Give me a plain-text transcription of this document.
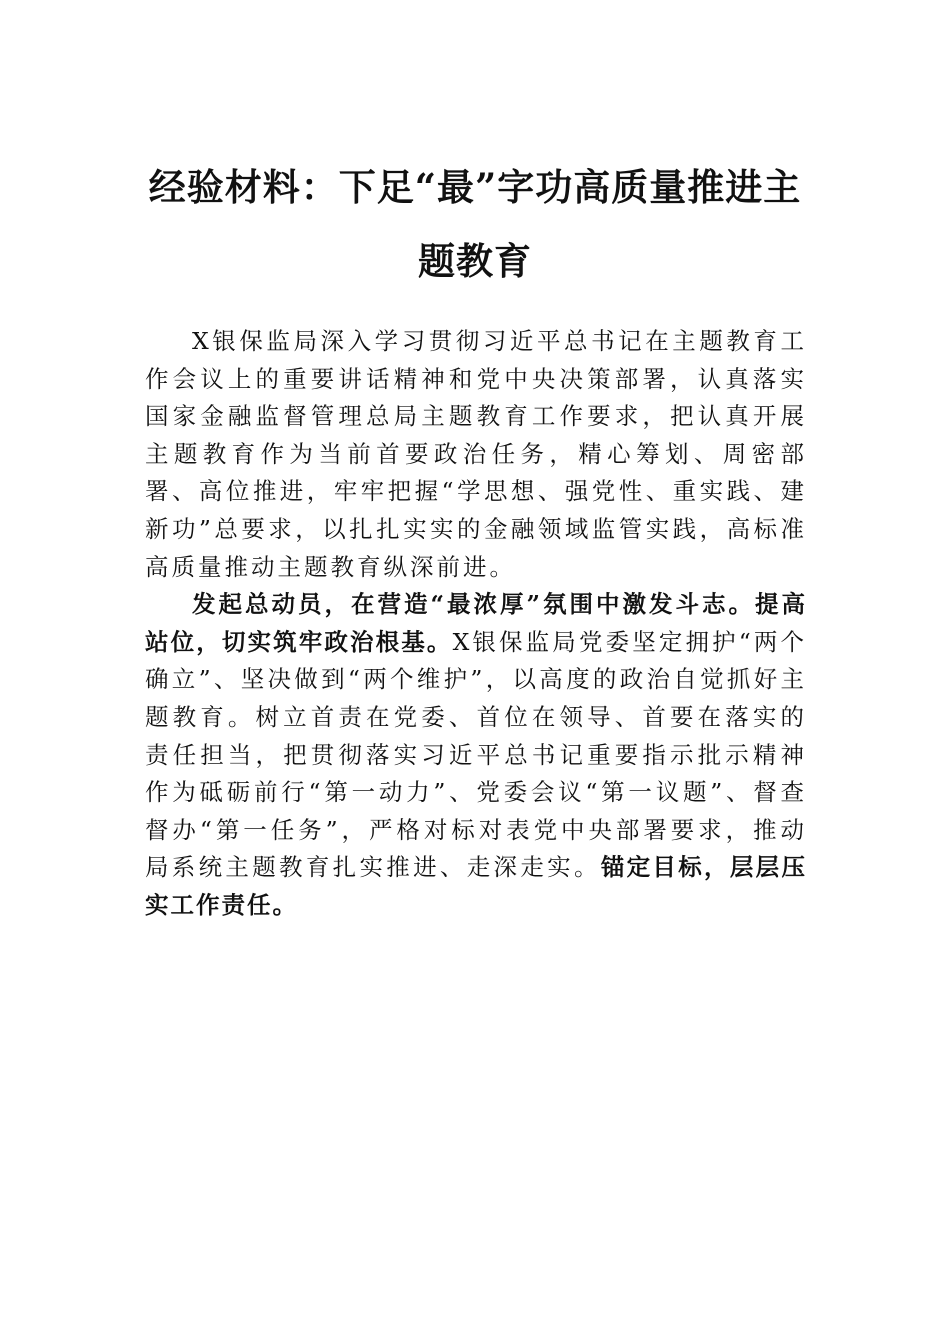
经验材料：下足“最”字功高质量推进主题教育

X银保监局深入学习贯彻习近平总书记在主题教育工作会议上的重要讲话精神和党中央决策部署，认真落实国家金融监督管理总局主题教育工作要求，把认真开展主题教育作为当前首要政治任务，精心筹划、周密部署、高位推进，牢牢把握“学思想、强党性、重实践、建新功”总要求，以扎扎实实的金融领域监管实践，高标准高质量推动主题教育纵深前进。

发起总动员，在营造“最浓厚”氛围中激发斗志。提高站位，切实筑牢政治根基。X银保监局党委坚定拥护“两个确立”、坚决做到“两个维护”，以高度的政治自觉抓好主题教育。树立首责在党委、首位在领导、首要在落实的责任担当，把贯彻落实习近平总书记重要指示批示精神作为砥砺前行“第一动力”、党委会议“第一议题”、督查督办“第一任务”，严格对标对表党中央部署要求，推动局系统主题教育扎实推进、走深走实。锚定目标，层层压实工作责任。
